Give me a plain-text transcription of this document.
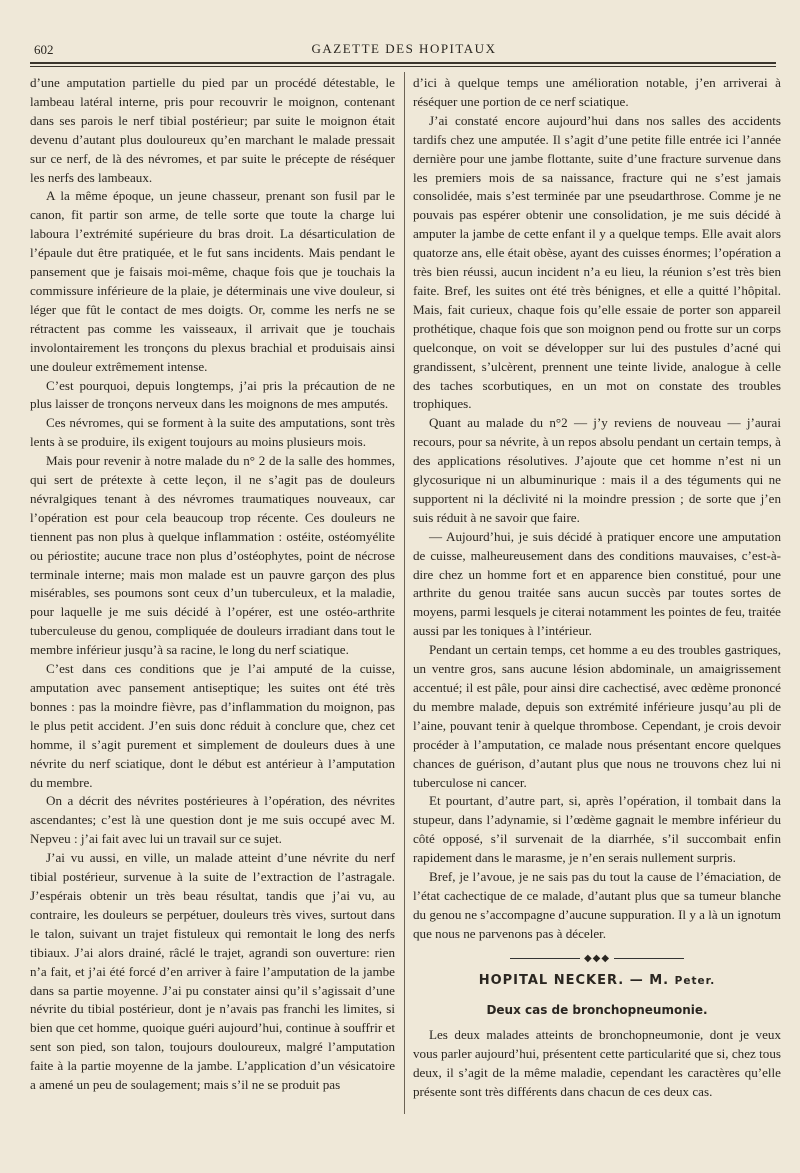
602	GAZETTE DES HOPITAUX

d’une amputation partielle du pied par un procédé détestable, le lambeau latéral interne, pris pour recouvrir le moignon, contenant dans ses parois le nerf tibial postérieur; par suite le moignon était devenu d’autant plus douloureux qu’en marchant le malade pressait sur ce nerf, de là des névromes, et par suite le précepte de réséquer les nerfs des lambeaux.

A la même époque, un jeune chasseur, prenant son fusil par le canon, fit partir son arme, de telle sorte que toute la charge lui laboura l’extrémité supérieure du bras droit. La désarticulation de l’épaule dut être pratiquée, et le fut sans incidents. Mais pendant le pansement que je faisais moi-même, chaque fois que je touchais la commissure inférieure de la plaie, je déterminais une vive douleur, si léger que fût le contact de mes doigts. Or, comme les nerfs ne se rétractent pas comme les vaisseaux, il arrivait que je touchais involontairement les tronçons du plexus brachial et produisais ainsi une douleur extrêmement intense.

C’est pourquoi, depuis longtemps, j’ai pris la précaution de ne plus laisser de tronçons nerveux dans les moignons de mes amputés.

Ces névromes, qui se forment à la suite des amputations, sont très lents à se produire, ils exigent toujours au moins plusieurs mois.

Mais pour revenir à notre malade du n° 2 de la salle des hommes, qui sert de prétexte à cette leçon, il ne s’agit pas de douleurs névralgiques tenant à des névromes traumatiques nouveaux, car l’opération est pour cela beaucoup trop récente. Ces douleurs ne tiennent pas non plus à quelque inflammation : ostéite, ostéomyélite ou périostite; aucune trace non plus d’ostéophytes, point de nécrose terminale interne; mais mon malade est un pauvre garçon des plus misérables, ses poumons sont ceux d’un tuberculeux, et la maladie, pour laquelle je me suis décidé à l’opérer, est une ostéo-arthrite tuberculeuse du genou, compliquée de douleurs irradiant dans tout le membre inférieur jusqu’à sa racine, le long du nerf sciatique.

C’est dans ces conditions que je l’ai amputé de la cuisse, amputation avec pansement antiseptique; les suites ont été très bonnes : pas la moindre fièvre, pas d’inflammation du moignon, pas le plus petit accident. J’en suis donc réduit à conclure que, chez cet homme, il s’agit purement et simplement de douleurs dues à une névrite du nerf sciatique, dont le début est antérieur à l’amputation du membre.

On a décrit des névrites postérieures à l’opération, des névrites ascendantes; c’est là une question dont je me suis occupé avec M. Nepveu : j’ai fait avec lui un travail sur ce sujet.

J’ai vu aussi, en ville, un malade atteint d’une névrite du nerf tibial postérieur, survenue à la suite de l’extraction de l’astragale. J’espérais obtenir un très beau résultat, tandis que j’ai vu, au contraire, les douleurs se perpétuer, douleurs très vives, surtout dans le talon, suivant un trajet fistuleux qui remontait le long des nerfs tibiaux. J’ai alors drainé, râclé le trajet, agrandi son ouverture: rien n’a fait, et j’ai été forcé d’en arriver à faire l’amputation de la jambe dans sa partie moyenne. J’ai pu constater ainsi qu’il s’agissait d’une névrite du tibial postérieur, dont je n’avais pas franchi les limites, si bien que cet homme, quoique guéri aujourd’hui, continue à souffrir et sent son pied, son talon, toujours douloureux, malgré l’amputation faite à la partie moyenne de la jambe. L’application d’un vésicatoire a amené un peu de soulagement; mais s’il ne se produit pas

d’ici à quelque temps une amélioration notable, j’en arriverai à réséquer une portion de ce nerf sciatique.

J’ai constaté encore aujourd’hui dans nos salles des accidents tardifs chez une amputée. Il s’agit d’une petite fille entrée ici l’année dernière pour une jambe flottante, suite d’une fracture survenue dans les premiers mois de sa naissance, fracture qui ne s’est jamais consolidée, mais s’est terminée par une pseudarthrose. Comme je ne pouvais pas espérer obtenir une consolidation, je me suis décidé à amputer la jambe de cette enfant il y a quelque temps. Elle avait alors quatorze ans, elle était obèse, ayant des cuisses énormes; l’opération a très bien réussi, aucun incident n’a eu lieu, la réunion s’est très bien faite. Bref, les suites ont été très bénignes, et elle a quitté l’hôpital. Mais, fait curieux, chaque fois qu’elle essaie de porter son appareil prothétique, chaque fois que son moignon pend ou frotte sur un corps quelconque, on voit se développer sur lui des pustules d’acné qui grandissent, s’ulcèrent, prennent une teinte livide, analogue à celle des taches scorbutiques, en un mot on constate des troubles trophiques.

Quant au malade du n°2 — j’y reviens de nouveau — j’aurai recours, pour sa névrite, à un repos absolu pendant un certain temps, à des applications résolutives. J’ajoute que cet homme n’est ni un glycosurique ni un albuminurique : mais il a des téguments qui ne supportent ni la déclivité ni la moindre pression ; de sorte que j’en suis réduit à ne savoir que faire.

— Aujourd’hui, je suis décidé à pratiquer encore une amputation de cuisse, malheureusement dans des conditions mauvaises, c’est-à-dire chez un homme fort et en apparence bien constitué, pour une arthrite du genou traitée sans aucun succès par toutes sortes de moyens, parmi lesquels je citerai notamment les pointes de feu, traitée aussi par les toniques à l’intérieur.

Pendant un certain temps, cet homme a eu des troubles gastriques, un ventre gros, sans aucune lésion abdominale, un amaigrissement accentué; il est pâle, pour ainsi dire cachectisé, avec œdème prononcé du membre malade, depuis son extrémité inférieure jusqu’au pli de l’aine, pouvant tenir à quelque thrombose. Cependant, je crois devoir procéder à l’amputation, ce malade nous présentant encore quelques chances de guérison, d’autant plus que nous ne trouvons chez lui ni tuberculose ni cancer.

Et pourtant, d’autre part, si, après l’opération, il tombait dans la stupeur, dans l’adynamie, si l’œdème gagnait le membre inférieur du côté opposé, s’il survenait de la diarrhée, s’il succombait enfin rapidement dans le marasme, je n’en serais nullement surpris.

Bref, je l’avoue, je ne sais pas du tout la cause de l’émaciation, de l’état cachectique de ce malade, d’autant plus que sa tumeur blanche du genou ne s’accompagne d’aucune suppuration. Il y a là un ignotum que nous ne parvenons pas à déceler.

◆◆◆
HOPITAL NECKER. — M. Peter.
Deux cas de bronchopneumonie.

Les deux malades atteints de bronchopneumonie, dont je veux vous parler aujourd’hui, présentent cette particularité que si, chez tous deux, il s’agit de la même maladie, cependant les caractères qu’elle présente sont très différents dans chacun de ces deux cas.
